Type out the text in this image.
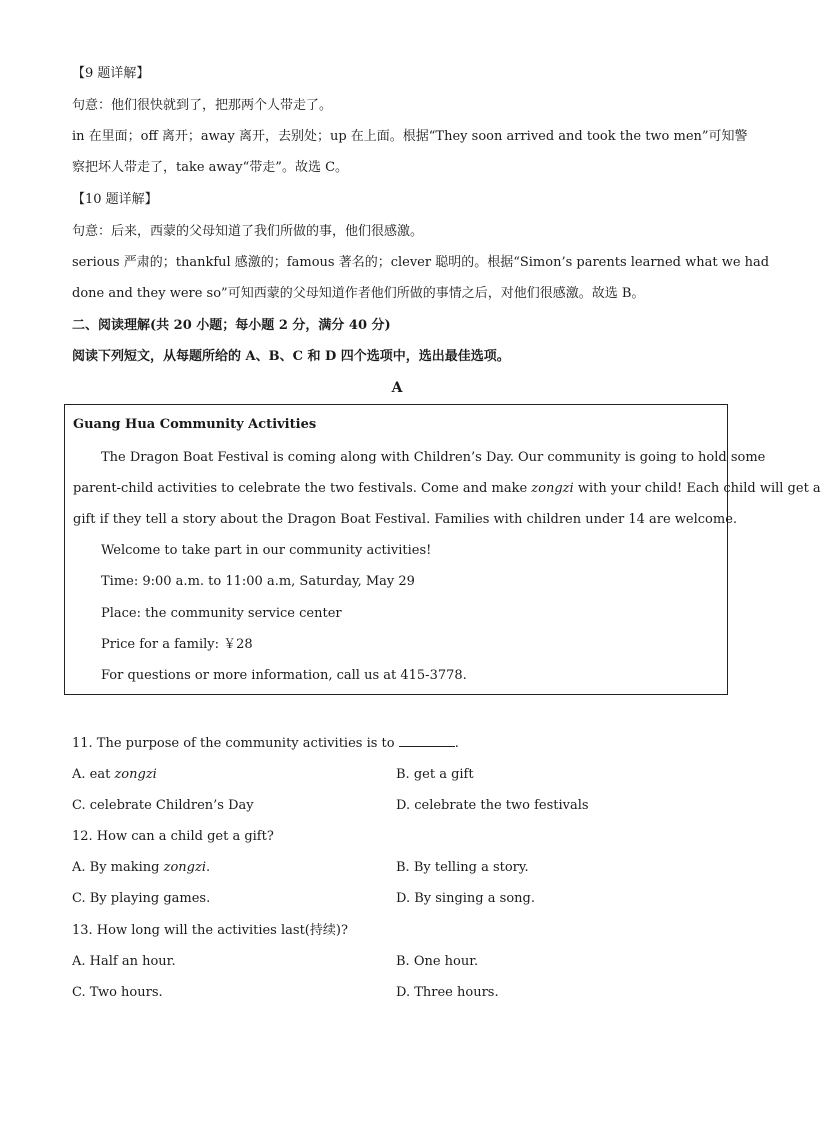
【9 题详解】
句意：他们很快就到了，把那两个人带走了。
in 在里面；off 离开；away 离开，去别处；up 在上面。根据“They soon arrived and took the two men”可知警
察把坏人带走了，take away“带走”。故选 C。
【10 题详解】
句意：后来，西蒙的父母知道了我们所做的事，他们很感激。
serious 严肃的；thankful 感激的；famous 著名的；clever 聪明的。根据“Simon’s parents learned what we had
done and they were so”可知西蒙的父母知道作者他们所做的事情之后，对他们很感激。故选 B。
二、阅读理解(共 20 小题；每小题 2 分，满分 40 分)
阅读下列短文，从每题所给的 A、B、C 和 D 四个选项中，选出最佳选项。
A
Guang Hua Community Activities
The Dragon Boat Festival is coming along with Children’s Day. Our community is going to hold some
parent-child activities to celebrate the two festivals. Come and make zongzi with your child! Each child will get a
gift if they tell a story about the Dragon Boat Festival. Families with children under 14 are welcome.
Welcome to take part in our community activities!
Time: 9:00 a.m. to 11:00 a.m, Saturday, May 29
Place: the community service center
Price for a family: ￥28
For questions or more information, call us at 415-3778.
11. The purpose of the community activities is to	.
A. eat zongzi	B. get a gift
C. celebrate Children’s Day	D. celebrate the two festivals
12. How can a child get a gift?
A. By making zongzi.	B. By telling a story.
C. By playing games.	D. By singing a song.
13. How long will the activities last(持续)?
A. Half an hour.	B. One hour.
C. Two hours.	D. Three hours.
